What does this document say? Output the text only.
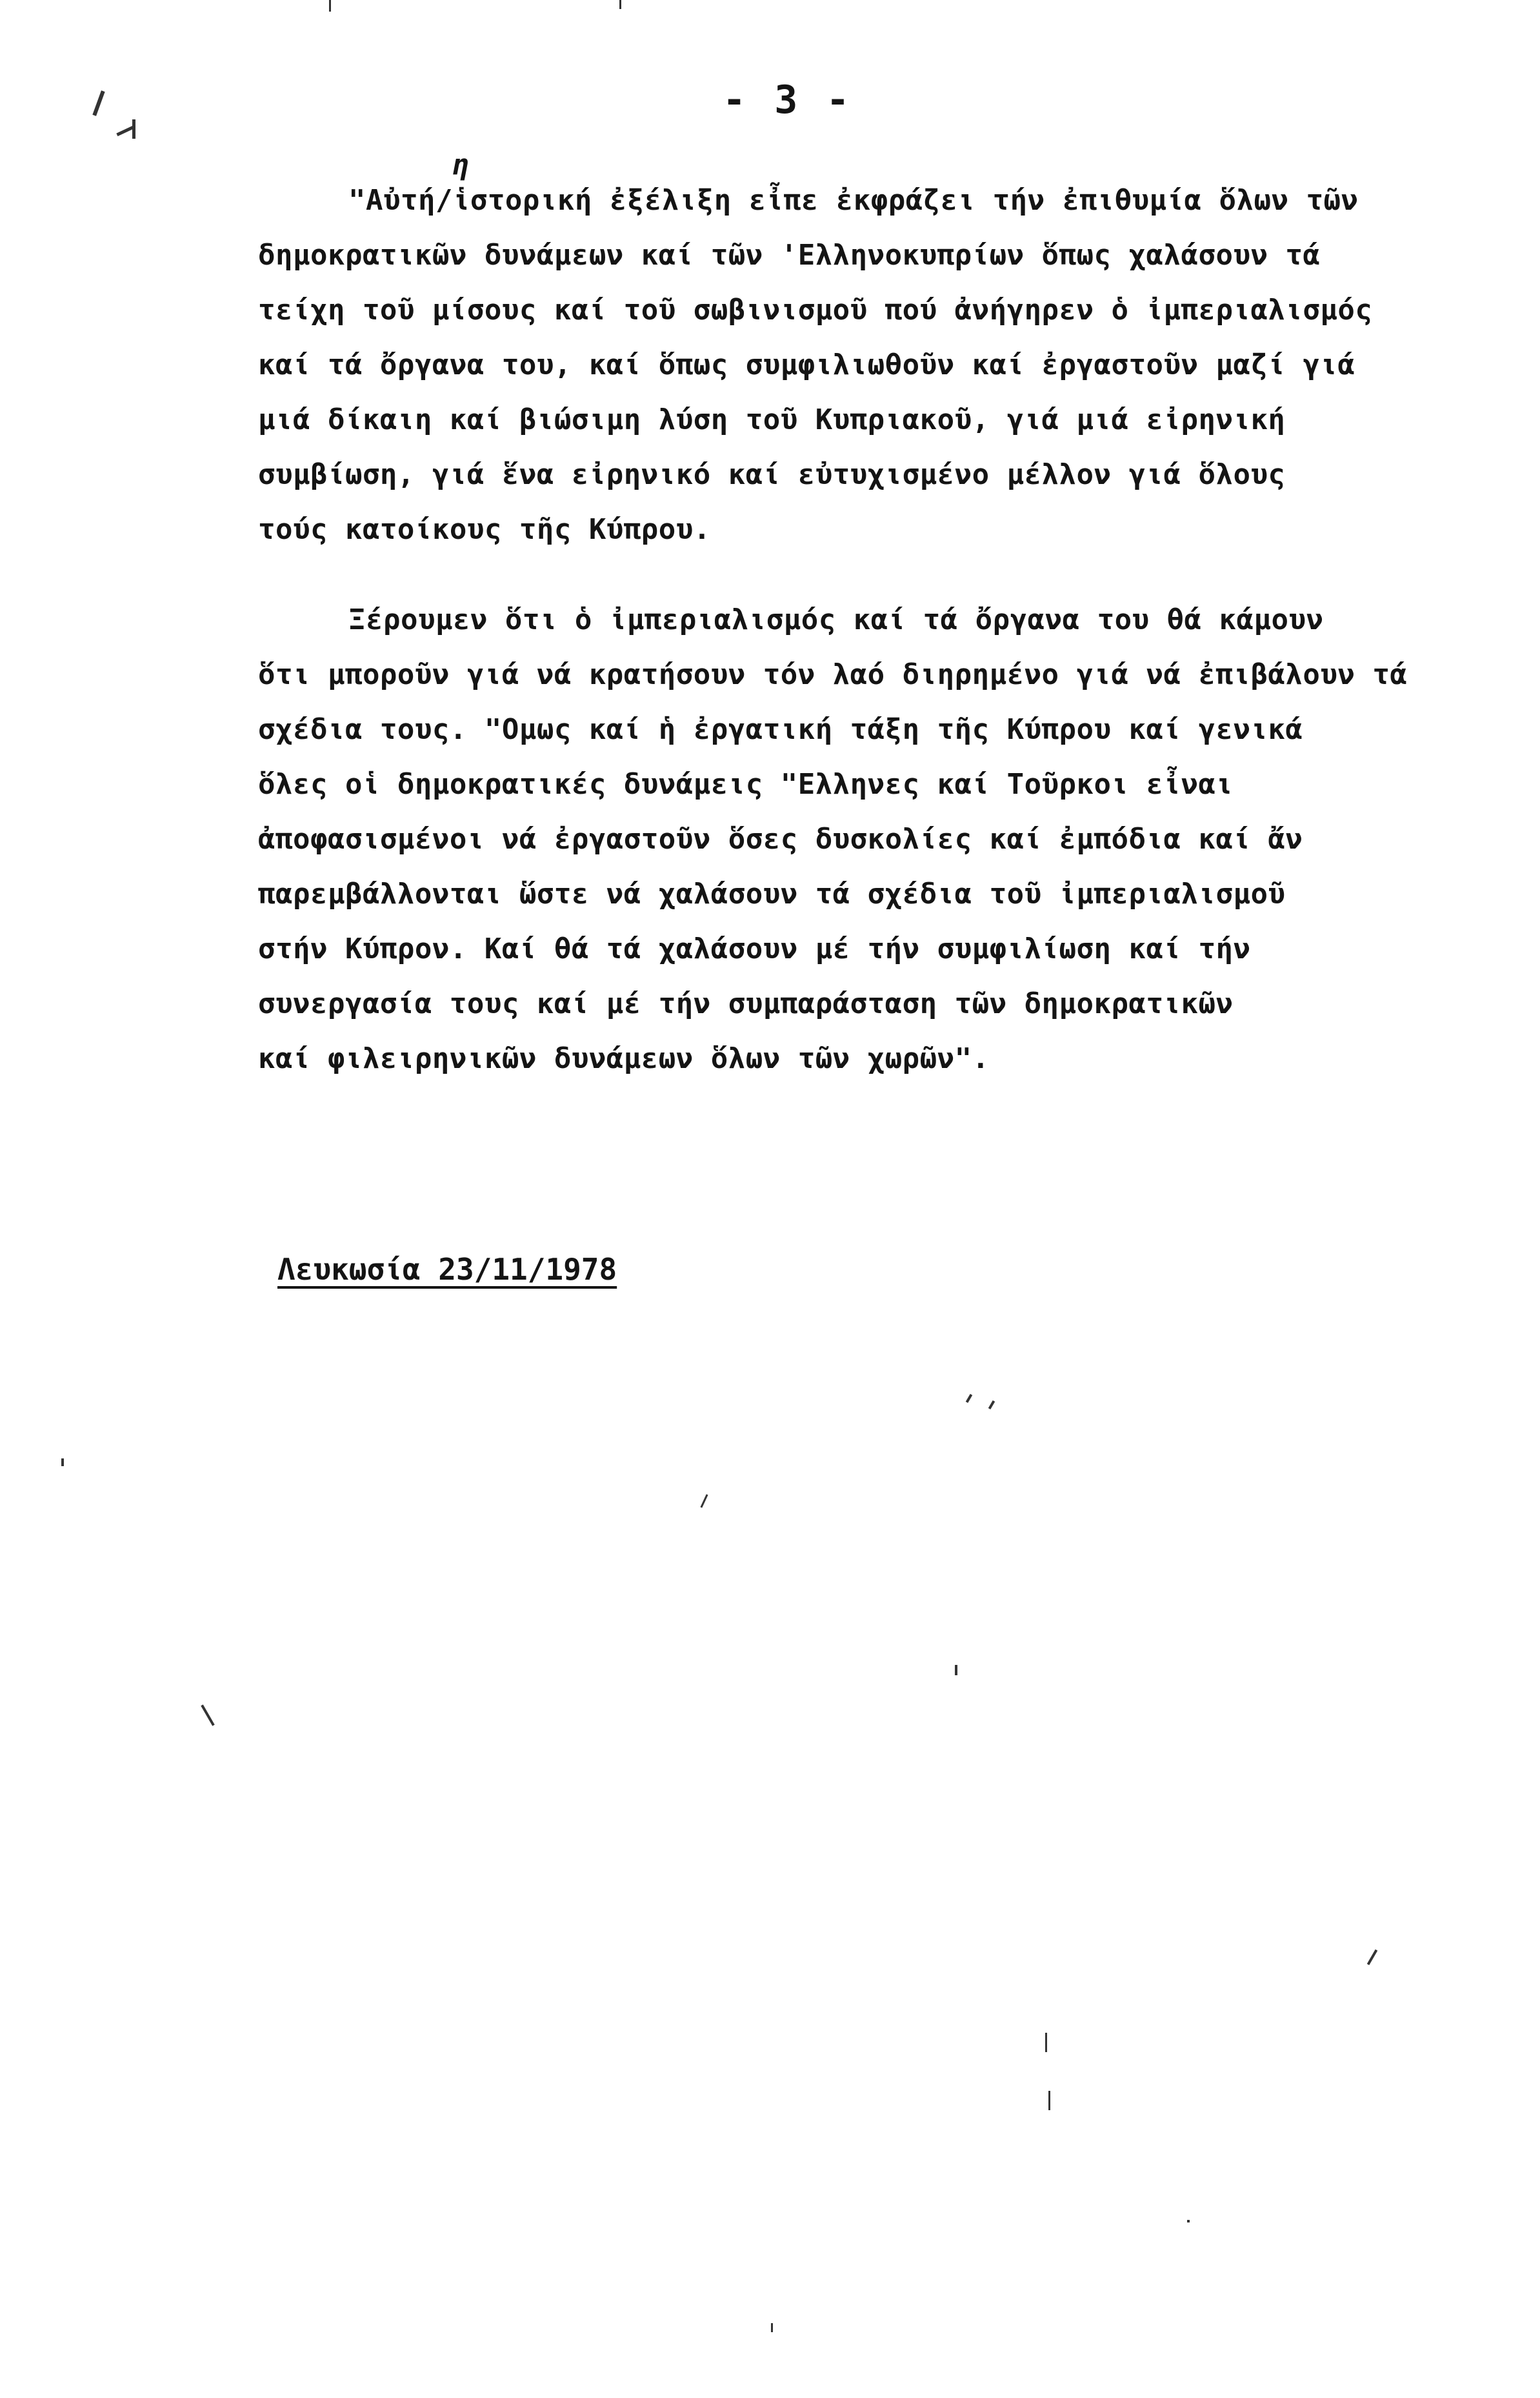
- 3 -
η
"Αὐτή/ἱστορική ἐξέλιξη εἶπε ἐκφράζει τήν ἐπιθυμία ὅλων τῶν
δημοκρατικῶν δυνάμεων καί τῶν 'Ελληνοκυπρίων ὅπως χαλάσουν τά
τείχη τοῦ μίσους καί τοῦ σωβινισμοῦ πού ἀνήγηρεν ὁ ἰμπεριαλισμός
καί τά ὄργανα του, καί ὅπως συμφιλιωθοῦν καί ἐργαστοῦν μαζί γιά
μιά δίκαιη καί βιώσιμη λύση τοῦ Κυπριακοῦ, γιά μιά εἰρηνική
συμβίωση, γιά ἕνα εἰρηνικό καί εὐτυχισμένο μέλλον γιά ὅλους
τούς κατοίκους τῆς Κύπρου.
Ξέρουμεν ὅτι ὁ ἰμπεριαλισμός καί τά ὄργανα του θά κάμουν
ὅτι μποροῦν γιά νά κρατήσουν τόν λαό διηρημένο γιά νά ἐπιβάλουν τά
σχέδια τους. "Ομως καί ἡ ἐργατική τάξη τῆς Κύπρου καί γενικά
ὅλες οἱ δημοκρατικές δυνάμεις "Ελληνες καί Τοῦρκοι εἶναι
ἀποφασισμένοι νά ἐργαστοῦν ὅσες δυσκολίες καί ἐμπόδια καί ἄν
παρεμβάλλονται ὥστε νά χαλάσουν τά σχέδια τοῦ ἰμπεριαλισμοῦ
στήν Κύπρον. Καί θά τά χαλάσουν μέ τήν συμφιλίωση καί τήν
συνεργασία τους καί μέ τήν συμπαράσταση τῶν δημοκρατικῶν
καί φιλειρηνικῶν δυνάμεων ὅλων τῶν χωρῶν".
Λευκωσία 23/11/1978
